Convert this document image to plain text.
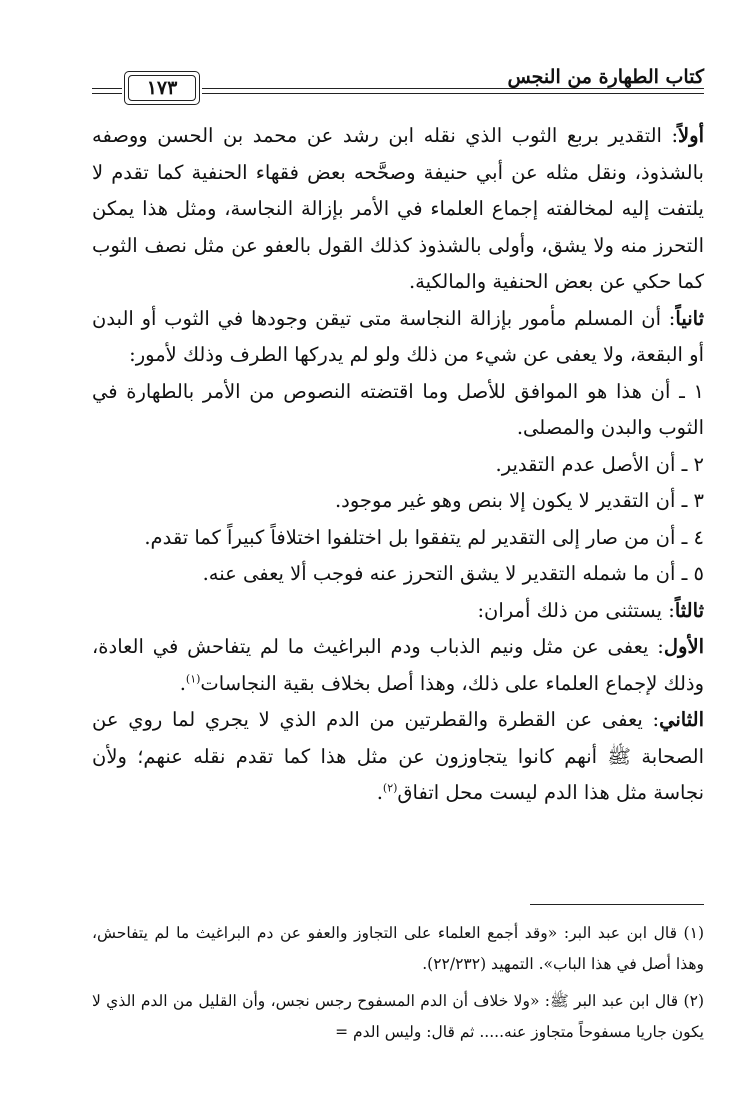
كتاب الطهارة من النجس
١٧٣

أولاً: التقدير بربع الثوب الذي نقله ابن رشد عن محمد بن الحسن ووصفه بالشذوذ، ونقل مثله عن أبي حنيفة وصحَّحه بعض فقهاء الحنفية كما تقدم لا يلتفت إليه لمخالفته إجماع العلماء في الأمر بإزالة النجاسة، ومثل هذا يمكن التحرز منه ولا يشق، وأولى بالشذوذ كذلك القول بالعفو عن مثل نصف الثوب كما حكي عن بعض الحنفية والمالكية.

ثانياً: أن المسلم مأمور بإزالة النجاسة متى تيقن وجودها في الثوب أو البدن أو البقعة، ولا يعفى عن شيء من ذلك ولو لم يدركها الطرف وذلك لأمور:

١ ـ أن هذا هو الموافق للأصل وما اقتضته النصوص من الأمر بالطهارة في الثوب والبدن والمصلى.

٢ ـ أن الأصل عدم التقدير.

٣ ـ أن التقدير لا يكون إلا بنص وهو غير موجود.

٤ ـ أن من صار إلى التقدير لم يتفقوا بل اختلفوا اختلافاً كبيراً كما تقدم.

٥ ـ أن ما شمله التقدير لا يشق التحرز عنه فوجب ألا يعفى عنه.

ثالثاً: يستثنى من ذلك أمران:

الأول: يعفى عن مثل ونيم الذباب ودم البراغيث ما لم يتفاحش في العادة، وذلك لإجماع العلماء على ذلك، وهذا أصل بخلاف بقية النجاسات$^{(١)}$.

الثاني: يعفى عن القطرة والقطرتين من الدم الذي لا يجري لما روي عن الصحابة ﷺ أنهم كانوا يتجاوزون عن مثل هذا كما تقدم نقله عنهم؛ ولأن نجاسة مثل هذا الدم ليست محل اتفاق$^{(٢)}$.

(١) قال ابن عبد البر: «وقد أجمع العلماء على التجاوز والعفو عن دم البراغيث ما لم يتفاحش، وهذا أصل في هذا الباب». التمهيد (٢٢/٢٣٢).

(٢) قال ابن عبد البر ﷺ: «ولا خلاف أن الدم المسفوح رجس نجس، وأن القليل من الدم الذي لا يكون جاريا مسفوحاً متجاوز عنه..... ثم قال: وليس الدم =
